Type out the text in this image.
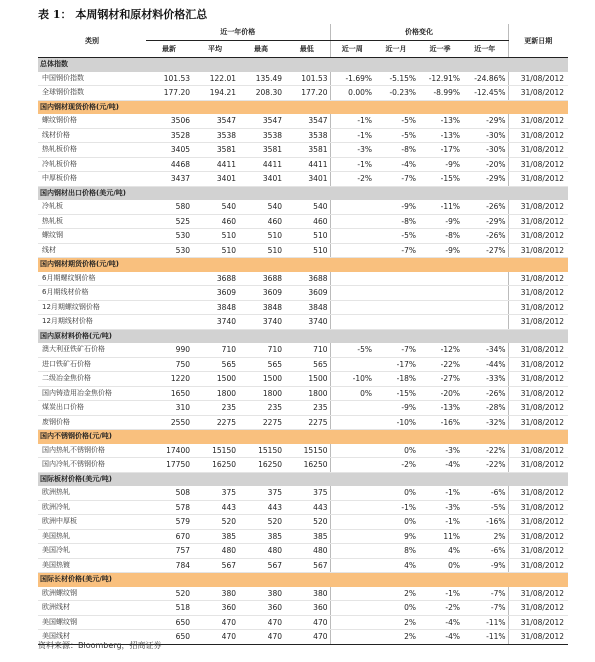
表 1： 本周钢材和原材料价格汇总
类别	近一年价格				价格变化				更新日期
	最新	平均	最高	最低	近一周	近一月	近一季	近一年	
总体指数									
中国钢价指数	101.53	122.01	135.49	101.53	-1.69%	-5.15%	-12.91%	-24.86%	31/08/2012
全球钢价指数	177.20	194.21	208.30	177.20	0.00%	-0.23%	-8.99%	-12.45%	31/08/2012
国内钢材现货价格(元/吨)									
螺纹钢价格	3506	3547	3547	3547	-1%	-5%	-13%	-29%	31/08/2012
线材价格	3528	3538	3538	3538	-1%	-5%	-13%	-30%	31/08/2012
热轧板价格	3405	3581	3581	3581	-3%	-8%	-17%	-30%	31/08/2012
冷轧板价格	4468	4411	4411	4411	-1%	-4%	-9%	-20%	31/08/2012
中厚板价格	3437	3401	3401	3401	-2%	-7%	-15%	-29%	31/08/2012
国内钢材出口价格(美元/吨)									
冷轧板	580	540	540	540		-9%	-11%	-26%	31/08/2012
热轧板	525	460	460	460		-8%	-9%	-29%	31/08/2012
螺纹钢	530	510	510	510		-5%	-8%	-26%	31/08/2012
线材	530	510	510	510		-7%	-9%	-27%	31/08/2012
国内钢材期货价格(元/吨)									
6月期螺纹钢价格		3688	3688	3688					31/08/2012
6月期线材价格		3609	3609	3609					31/08/2012
12月期螺纹钢价格		3848	3848	3848					31/08/2012
12月期线材价格		3740	3740	3740					31/08/2012
国内原材料价格(元/吨)									
澳大利亚铁矿石价格	990	710	710	710	-5%	-7%	-12%	-34%	31/08/2012
进口铁矿石价格	750	565	565	565		-17%	-22%	-44%	31/08/2012
二级冶金焦价格	1220	1500	1500	1500	-10%	-18%	-27%	-33%	31/08/2012
国内铸造用冶金焦价格	1650	1800	1800	1800	0%	-15%	-20%	-26%	31/08/2012
煤炭出口价格	310	235	235	235		-9%	-13%	-28%	31/08/2012
废钢价格	2550	2275	2275	2275		-10%	-16%	-32%	31/08/2012
国内不锈钢价格(元/吨)									
国内热轧不锈钢价格	17400	15150	15150	15150		0%	-3%	-22%	31/08/2012
国内冷轧不锈钢价格	17750	16250	16250	16250		-2%	-4%	-22%	31/08/2012
国际板材价格(美元/吨)									
欧洲热轧	508	375	375	375		0%	-1%	-6%	31/08/2012
欧洲冷轧	578	443	443	443		-1%	-3%	-5%	31/08/2012
欧洲中厚板	579	520	520	520		0%	-1%	-16%	31/08/2012
美国热轧	670	385	385	385		9%	11%	2%	31/08/2012
美国冷轧	757	480	480	480		8%	4%	-6%	31/08/2012
美国热镀	784	567	567	567		4%	0%	-9%	31/08/2012
国际长材价格(美元/吨)									
欧洲螺纹钢	520	380	380	380		2%	-1%	-7%	31/08/2012
欧洲线材	518	360	360	360		0%	-2%	-7%	31/08/2012
美国螺纹钢	650	470	470	470		2%	-4%	-11%	31/08/2012
美国线材	650	470	470	470		2%	-4%	-11%	31/08/2012
资料来源：Bloomberg，招商证券
